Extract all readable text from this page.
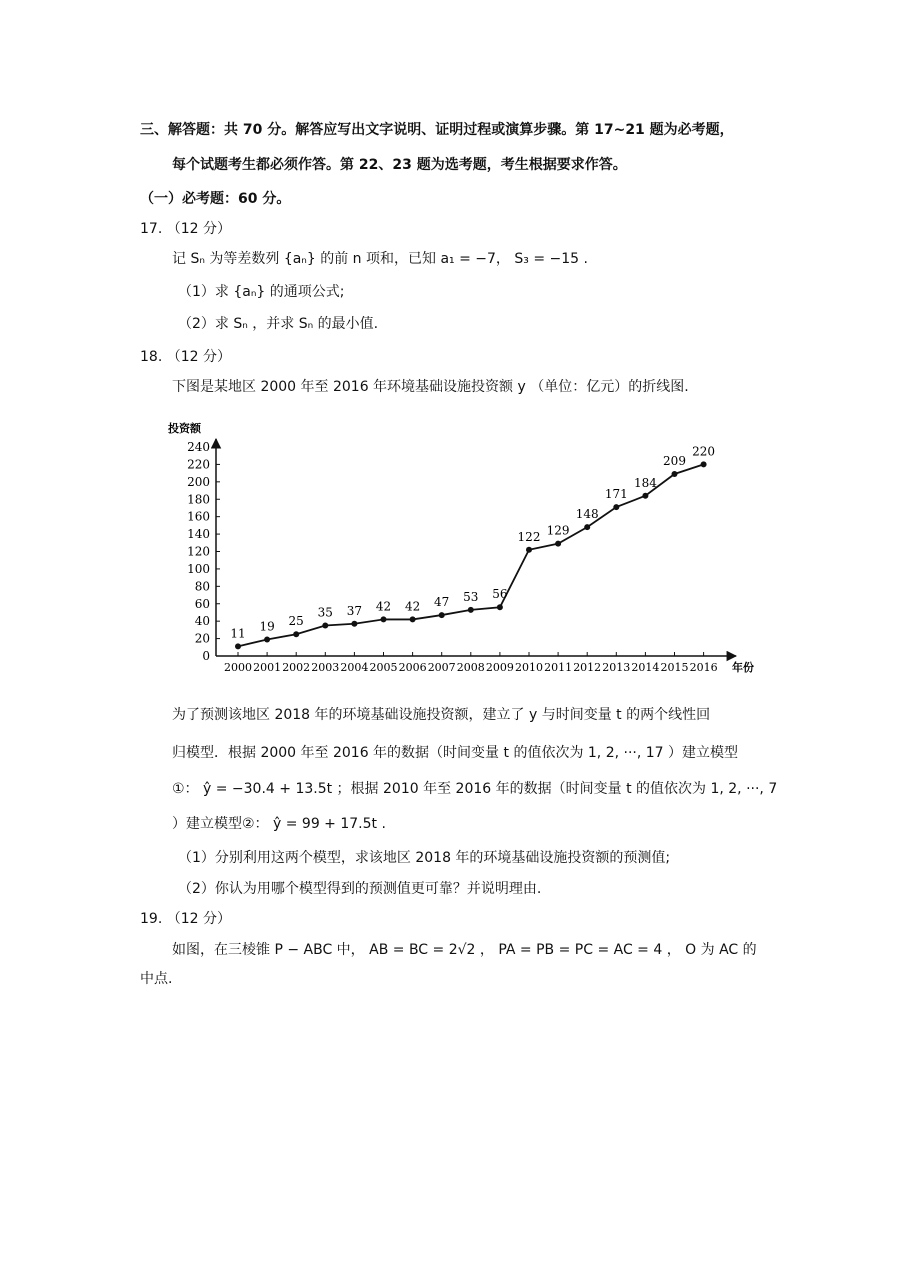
三、解答题：共 70 分。解答应写出文字说明、证明过程或演算步骤。第 17~21 题为必考题，
每个试题考生都必须作答。第 22、23 题为选考题，考生根据要求作答。
（一）必考题：60 分。
17. （12 分）
记 Sₙ 为等差数列 {aₙ} 的前 n 项和，已知 a₁ = −7， S₃ = −15 .
（1）求 {aₙ} 的通项公式;
（2）求 Sₙ ，并求 Sₙ 的最小值.
18. （12 分）
下图是某地区 2000 年至 2016 年环境基础设施投资额 y （单位：亿元）的折线图.
0
20
40
60
80
100
120
140
160
180
200
220
240
2000 2001 2002 2003 2004 2005 2006 2007 2008 2009 2010 2011 2012 2013 2014 2015 2016
11 19 25
35 37 42 42 47 53 56
122 129
148
171
184
209
220
投资额
年份
为了预测该地区 2018 年的环境基础设施投资额，建立了 y 与时间变量 t 的两个线性回
归模型．根据 2000 年至 2016 年的数据（时间变量 t 的值依次为 1, 2, ···, 17 ）建立模型
①： ŷ = −30.4 + 13.5t ；根据 2010 年至 2016 年的数据（时间变量 t 的值依次为 1, 2, ···, 7
）建立模型②： ŷ = 99 + 17.5t .
（1）分别利用这两个模型，求该地区 2018 年的环境基础设施投资额的预测值;
（2）你认为用哪个模型得到的预测值更可靠？并说明理由.
19. （12 分）
如图，在三棱锥 P − ABC 中， AB = BC = 2√2 ， PA = PB = PC = AC = 4 ， O 为 AC 的
中点.
